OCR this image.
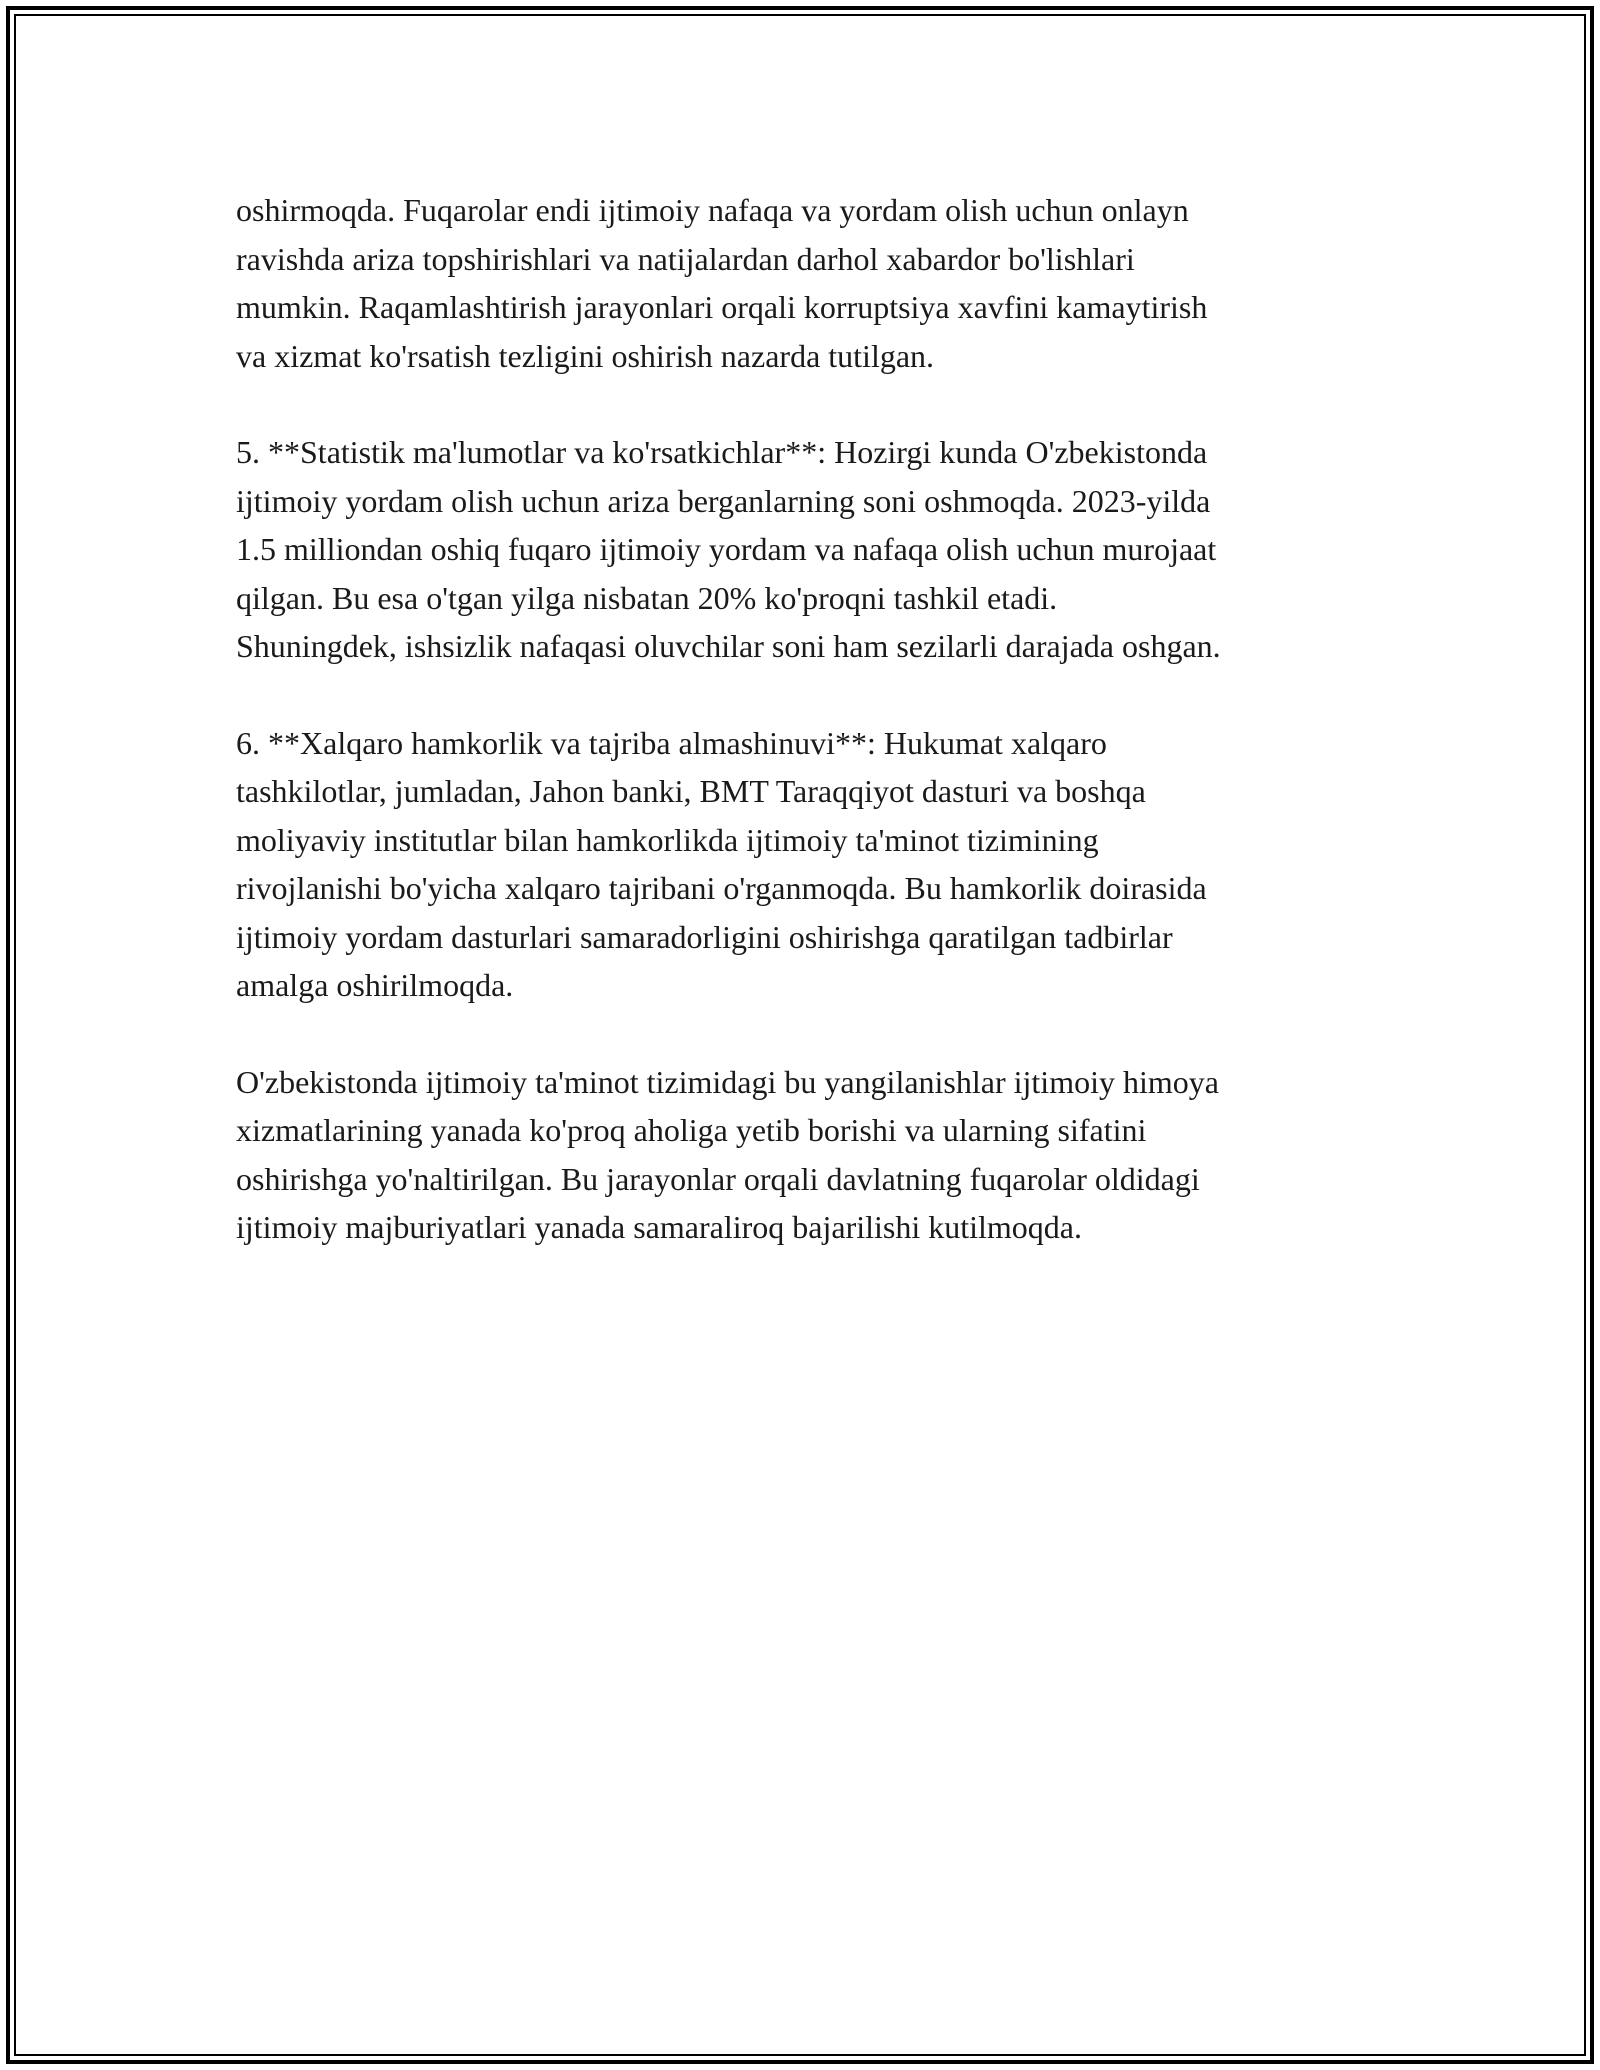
oshirmoqda. Fuqarolar endi ijtimoiy nafaqa va yordam olish uchun onlayn
ravishda ariza topshirishlari va natijalardan darhol xabardor bo'lishlari
mumkin. Raqamlashtirish jarayonlari orqali korruptsiya xavfini kamaytirish
va xizmat ko'rsatish tezligini oshirish nazarda tutilgan.
5. **Statistik ma'lumotlar va ko'rsatkichlar**: Hozirgi kunda O'zbekistonda
ijtimoiy yordam olish uchun ariza berganlarning soni oshmoqda. 2023-yilda
1.5 milliondan oshiq fuqaro ijtimoiy yordam va nafaqa olish uchun murojaat
qilgan. Bu esa o'tgan yilga nisbatan 20% ko'proqni tashkil etadi.
Shuningdek, ishsizlik nafaqasi oluvchilar soni ham sezilarli darajada oshgan.
6. **Xalqaro hamkorlik va tajriba almashinuvi**: Hukumat xalqaro
tashkilotlar, jumladan, Jahon banki, BMT Taraqqiyot dasturi va boshqa
moliyaviy institutlar bilan hamkorlikda ijtimoiy ta'minot tizimining
rivojlanishi bo'yicha xalqaro tajribani o'rganmoqda. Bu hamkorlik doirasida
ijtimoiy yordam dasturlari samaradorligini oshirishga qaratilgan tadbirlar
amalga oshirilmoqda.
O'zbekistonda ijtimoiy ta'minot tizimidagi bu yangilanishlar ijtimoiy himoya
xizmatlarining yanada ko'proq aholiga yetib borishi va ularning sifatini
oshirishga yo'naltirilgan. Bu jarayonlar orqali davlatning fuqarolar oldidagi
ijtimoiy majburiyatlari yanada samaraliroq bajarilishi kutilmoqda.
